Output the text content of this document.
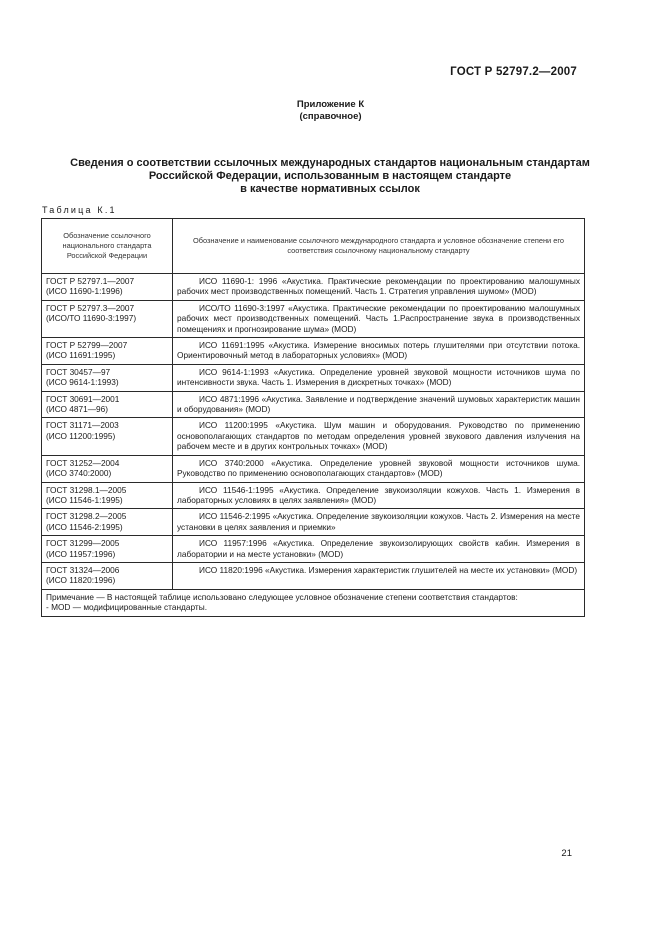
ГОСТ Р 52797.2—2007
Приложение К
(справочное)
Сведения о соответствии ссылочных международных стандартов национальным стандартам
Российской Федерации, использованным в настоящем стандарте
в качестве нормативных ссылок
Таблица К.1
Обозначение ссылочного национального стандарта Российской Федерации	Обозначение и наименование ссылочного международного стандарта и условное обозначение степени его соответствия ссылочному национальному стандарту
ГОСТ Р 52797.1—2007
(ИСО 11690-1:1996)	ИСО 11690-1: 1996 «Акустика. Практические рекомендации по проектированию малошумных рабочих мест производственных помещений. Часть 1. Стратегия управления шумом» (MOD)
ГОСТ Р 52797.3—2007
(ИСО/ТО 11690-3:1997)	ИСО/ТО 11690-3:1997 «Акустика. Практические рекомендации по проектированию малошумных рабочих мест производственных помещений. Часть 1.Распространение звука в производственных помещениях и прогнозирование шума» (MOD)
ГОСТ Р 52799—2007
(ИСО 11691:1995)	ИСО 11691:1995 «Акустика. Измерение вносимых потерь глушителями при отсутствии потока. Ориентировочный метод в лабораторных условиях» (MOD)
ГОСТ 30457—97
(ИСО 9614-1:1993)	ИСО 9614-1:1993 «Акустика. Определение уровней звуковой мощности источников шума по интенсивности звука. Часть 1. Измерения в дискретных точках» (MOD)
ГОСТ 30691—2001
(ИСО 4871—96)	ИСО 4871:1996 «Акустика. Заявление и подтверждение значений шумовых характеристик машин и оборудования» (MOD)
ГОСТ 31171—2003
(ИСО 11200:1995)	ИСО 11200:1995 «Акустика. Шум машин и оборудования. Руководство по применению основополагающих стандартов по методам определения уровней звукового давления излучения на рабочем месте и в других контрольных точках» (MOD)
ГОСТ 31252—2004
(ИСО 3740:2000)	ИСО 3740:2000 «Акустика. Определение уровней звуковой мощности источников шума. Руководство по применению основополагающих стандартов» (MOD)
ГОСТ 31298.1—2005
(ИСО 11546-1:1995)	ИСО 11546-1:1995 «Акустика. Определение звукоизоляции кожухов. Часть 1. Измерения в лабораторных условиях в целях заявления» (MOD)
ГОСТ 31298.2—2005
(ИСО 11546-2:1995)	ИСО 11546-2:1995 «Акустика. Определение звукоизоляции кожухов. Часть 2. Измерения на месте установки в целях заявления и приемки»
ГОСТ 31299—2005
(ИСО 11957:1996)	ИСО 11957:1996 «Акустика. Определение звукоизолирующих свойств кабин. Измерения в лаборатории и на месте установки» (MOD)
ГОСТ 31324—2006
(ИСО 11820:1996)	ИСО 11820:1996 «Акустика. Измерения характеристик глушителей на месте их установки» (MOD)
Примечание — В настоящей таблице использовано следующее условное обозначение степени соответствия стандартов:
- MOD — модифицированные стандарты.	
21
